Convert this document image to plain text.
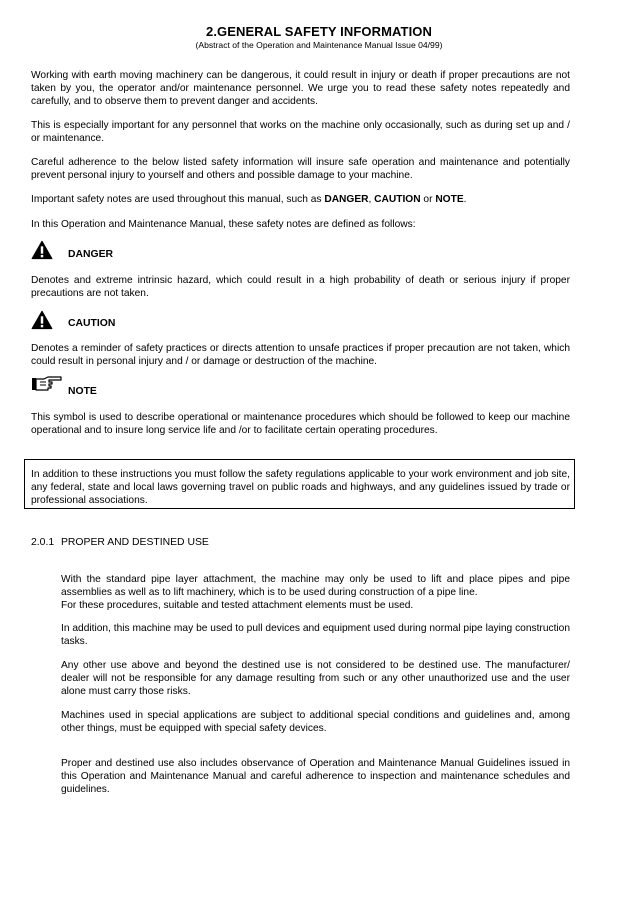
2.GENERAL SAFETY INFORMATION
(Abstract of the Operation and Maintenance Manual Issue 04/99)

Working with earth moving machinery can be dangerous, it could result in injury or death if proper precautions are not taken by you, the operator and/or maintenance personnel. We urge you to read these safety notes repeatedly and carefully, and to observe them to prevent danger and accidents.

This is especially important for any personnel that works on the machine only occasionally, such as during set up and / or maintenance.

Careful adherence to the below listed safety information will insure safe operation and maintenance and potentially prevent personal injury to yourself and others and possible damage to your machine.

Important safety notes are used throughout this manual, such as DANGER, CAUTION or NOTE.

In this Operation and Maintenance Manual, these safety notes are defined as follows:

DANGER

Denotes and extreme intrinsic hazard, which could result in a high probability of death or serious injury if proper precautions are not taken.

CAUTION

Denotes a reminder of safety practices or directs attention to unsafe practices if proper precaution are not taken, which could result in personal injury and / or damage or destruction of the machine.

NOTE

This symbol is used to describe operational or maintenance procedures which should be followed to keep our machine operational and to insure long service life and /or to facilitate certain operating procedures.

In addition to these instructions you must follow the safety regulations applicable to your work environment and job site, any federal, state and local laws governing travel on public roads and highways, and any guidelines issued by trade or professional associations.

2.0.1 PROPER AND DESTINED USE

With the standard pipe layer attachment, the machine may only be used to lift and place pipes and pipe assemblies as well as to lift machinery, which is to be used during construction of a pipe line.

For these procedures, suitable and tested attachment elements must be used.

In addition, this machine may be used to pull devices and equipment used during normal pipe laying construction tasks.

Any other use above and beyond the destined use is not considered to be destined use. The manufacturer/ dealer will not be responsible for any damage resulting from such or any other unauthorized use and the user alone must carry those risks.

Machines used in special applications are subject to additional special conditions and guidelines and, among other things, must be equipped with special safety devices.

Proper and destined use also includes observance of Operation and Maintenance Manual Guidelines issued in this Operation and Maintenance Manual and careful adherence to inspection and maintenance schedules and guidelines.
